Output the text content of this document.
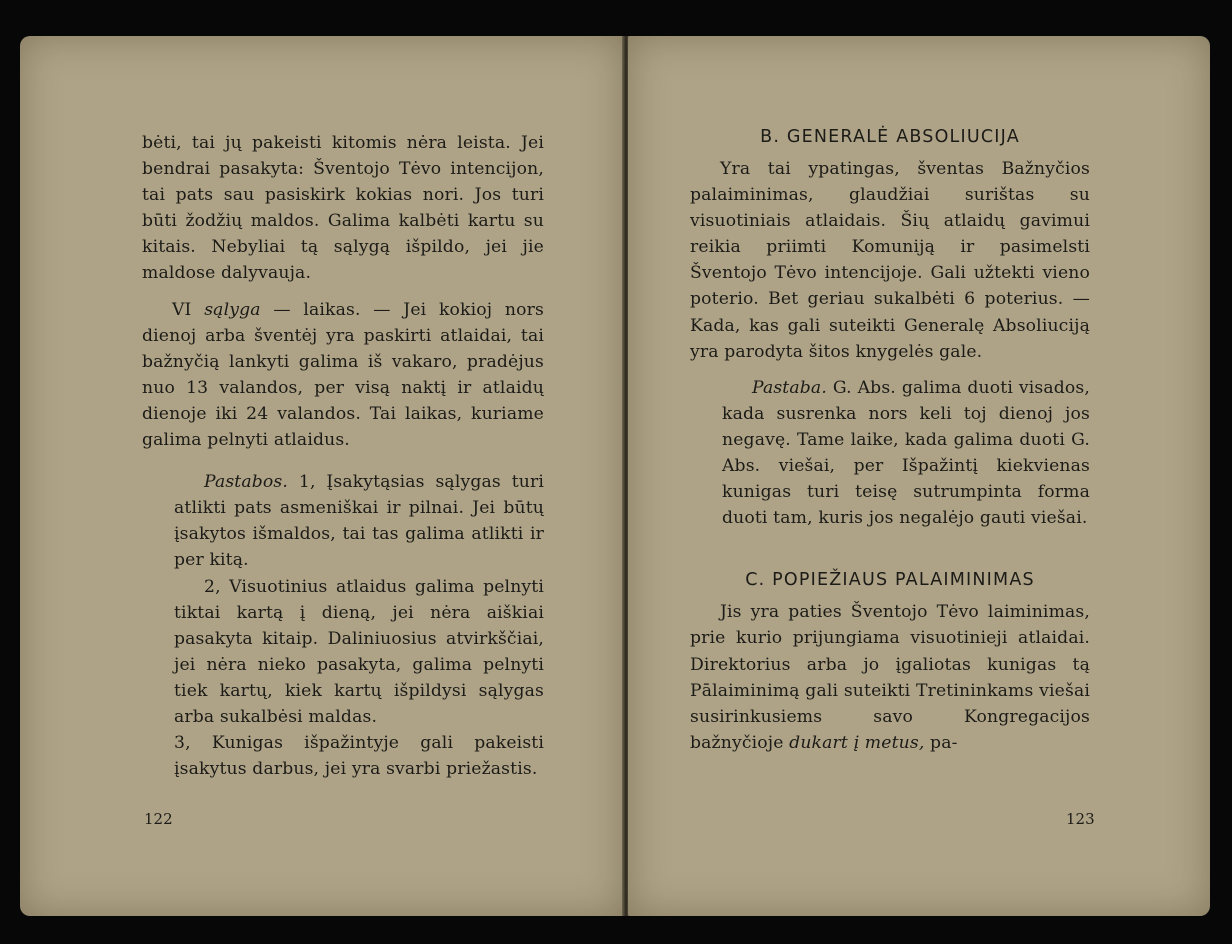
bėti, tai jų pakeisti kitomis nėra leista. Jei bendrai pasakyta: Šventojo Tėvo intencijon, tai pats sau pasiskirk kokias nori. Jos turi būti žodžių maldos. Galima kalbėti kartu su kitais. Nebyliai tą sąlygą išpildo, jei jie maldose dalyvauja.

VI sąlyga — laikas. — Jei kokioj nors dienoj arba šventėj yra paskirti atlaidai, tai bažnyčią lankyti galima iš vakaro, pradėjus nuo 13 valandos, per visą naktį ir atlaidų dienoje iki 24 valandos. Tai laikas, kuriame galima pelnyti atlaidus.

Pastabos. 1, Įsakytąsias sąlygas turi atlikti pats asmeniškai ir pilnai. Jei būtų įsakytos išmaldos, tai tas galima atlikti ir per kitą.

2, Visuotinius atlaidus galima pelnyti tiktai kartą į dieną, jei nėra aiškiai pasakyta kitaip. Daliniuosius atvirkščiai, jei nėra nieko pasakyta, galima pelnyti tiek kartų, kiek kartų išpildysi sąlygas arba sukalbėsi maldas.

3, Kunigas išpažintyje gali pakeisti įsakytus darbus, jei yra svarbi priežastis.

122
B. GENERALĖ ABSOLIUCIJA

Yra tai ypatingas, šventas Bažnyčios palaiminimas, glaudžiai surištas su visuotiniais atlaidais. Šių atlaidų gavimui reikia priimti Komuniją ir pasimelsti Šventojo Tėvo intencijoje. Gali užtekti vieno poterio. Bet geriau sukalbėti 6 poterius. — Kada, kas gali suteikti Generalę Absoliuciją yra parodyta šitos knygelės gale.

Pastaba. G. Abs. galima duoti visados, kada susrenka nors keli toj dienoj jos negavę. Tame laike, kada galima duoti G. Abs. viešai, per Išpažintį kiekvienas kunigas turi teisę sutrumpinta forma duoti tam, kuris jos negalėjo gauti viešai.

C. POPIEŽIAUS PALAIMINIMAS

Jis yra paties Šventojo Tėvo laiminimas, prie kurio prijungiama visuotinieji atlaidai. Direktorius arba jo įgaliotas kunigas tą Pālaiminimą gali suteikti Tretininkams viešai susirinkusiems savo Kongregacijos bažnyčioje dukart į metus, pa-

123
